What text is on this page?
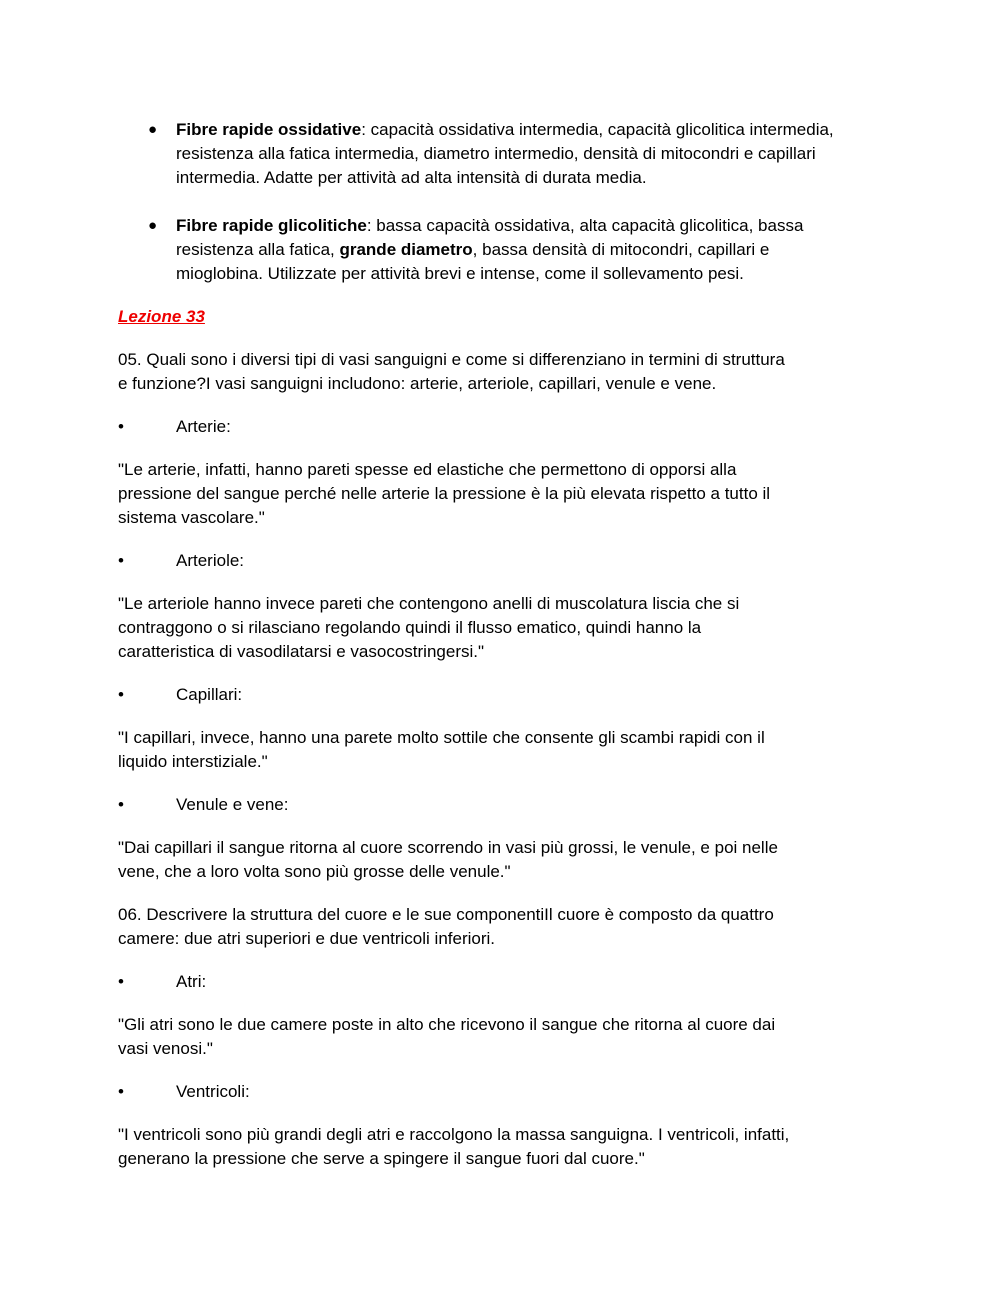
● Fibre rapide ossidative: capacità ossidativa intermedia, capacità glicolitica intermedia,
resistenza alla fatica intermedia, diametro intermedio, densità di mitocondri e capillari
intermedia. Adatte per attività ad alta intensità di durata media.
● Fibre rapide glicolitiche: bassa capacità ossidativa, alta capacità glicolitica, bassa
resistenza alla fatica, grande diametro, bassa densità di mitocondri, capillari e
mioglobina. Utilizzate per attività brevi e intense, come il sollevamento pesi.
Lezione 33
05. Quali sono i diversi tipi di vasi sanguigni e come si differenziano in termini di struttura
e funzione?I vasi sanguigni includono: arterie, arteriole, capillari, venule e vene.
•	Arterie:
"Le arterie, infatti, hanno pareti spesse ed elastiche che permettono di opporsi alla
pressione del sangue perché nelle arterie la pressione è la più elevata rispetto a tutto il
sistema vascolare."
•	Arteriole:
"Le arteriole hanno invece pareti che contengono anelli di muscolatura liscia che si
contraggono o si rilasciano regolando quindi il flusso ematico, quindi hanno la
caratteristica di vasodilatarsi e vasocostringersi."
•	Capillari:
"I capillari, invece, hanno una parete molto sottile che consente gli scambi rapidi con il
liquido interstiziale."
•	Venule e vene:
"Dai capillari il sangue ritorna al cuore scorrendo in vasi più grossi, le venule, e poi nelle
vene, che a loro volta sono più grosse delle venule."
06. Descrivere la struttura del cuore e le sue componentiIl cuore è composto da quattro
camere: due atri superiori e due ventricoli inferiori.
•	Atri:
"Gli atri sono le due camere poste in alto che ricevono il sangue che ritorna al cuore dai
vasi venosi."
•	Ventricoli:
"I ventricoli sono più grandi degli atri e raccolgono la massa sanguigna. I ventricoli, infatti,
generano la pressione che serve a spingere il sangue fuori dal cuore."
